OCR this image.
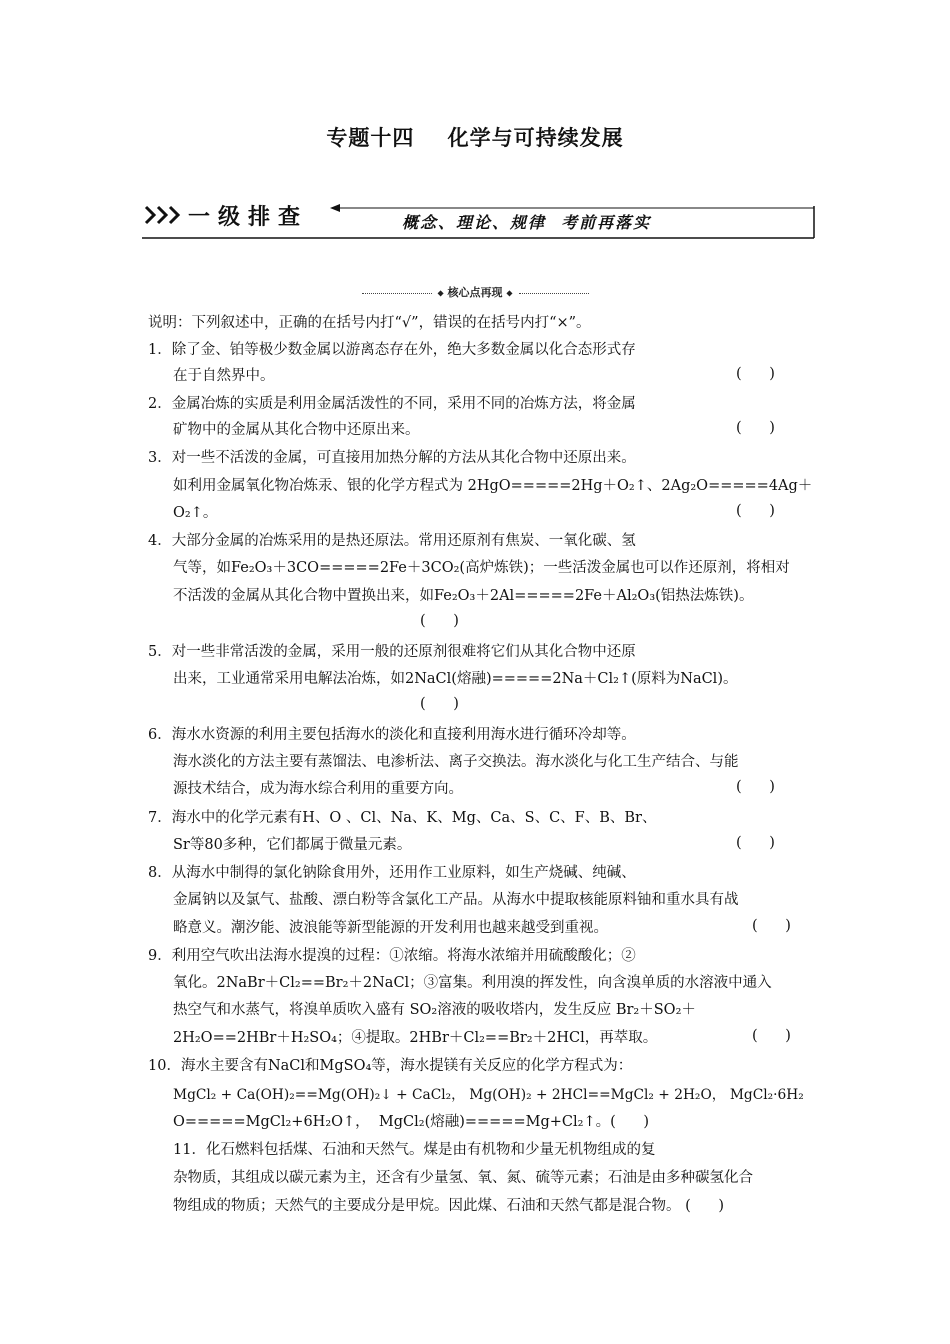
专题十四    化学与可持续发展
一级排查	概念、理论、规律  考前再落实
◆ 核心点再现 ◆
说明：下列叙述中，正确的在括号内打“√”，错误的在括号内打“×”。
1．除了金、铂等极少数金属以游离态存在外，绝大多数金属以化合态形式存
在于自然界中。	(      )
2．金属冶炼的实质是利用金属活泼性的不同，采用不同的冶炼方法，将金属
矿物中的金属从其化合物中还原出来。	(      )
3．对一些不活泼的金属，可直接用加热分解的方法从其化合物中还原出来。
如利用金属氧化物冶炼汞、银的化学方程式为 2HgO=====2Hg＋O₂↑、2Ag₂O=====4Ag＋
O₂↑。	(      )
4．大部分金属的冶炼采用的是热还原法。常用还原剂有焦炭、一氧化碳、氢
气等，如Fe₂O₃＋3CO=====2Fe＋3CO₂(高炉炼铁)；一些活泼金属也可以作还原剂，将相对
不活泼的金属从其化合物中置换出来，如Fe₂O₃＋2Al=====2Fe＋Al₂O₃(铝热法炼铁)。
(      )
5．对一些非常活泼的金属，采用一般的还原剂很难将它们从其化合物中还原
出来，工业通常采用电解法冶炼，如2NaCl(熔融)=====2Na＋Cl₂↑(原料为NaCl)。
(      )
6．海水水资源的利用主要包括海水的淡化和直接利用海水进行循环冷却等。
海水淡化的方法主要有蒸馏法、电渗析法、离子交换法。海水淡化与化工生产结合、与能
源技术结合，成为海水综合利用的重要方向。	(      )
7．海水中的化学元素有H、O 、Cl、Na、K、Mg、Ca、S、C、F、B、Br、
Sr等80多种，它们都属于微量元素。	(      )
8．从海水中制得的氯化钠除食用外，还用作工业原料，如生产烧碱、纯碱、
金属钠以及氯气、盐酸、漂白粉等含氯化工产品。从海水中提取核能原料铀和重水具有战
略意义。潮汐能、波浪能等新型能源的开发利用也越来越受到重视。	(      )
9．利用空气吹出法海水提溴的过程：①浓缩。将海水浓缩并用硫酸酸化；②
氧化。2NaBr＋Cl₂==Br₂＋2NaCl；③富集。利用溴的挥发性，向含溴单质的水溶液中通入
热空气和水蒸气，将溴单质吹入盛有 SO₂溶液的吸收塔内，发生反应 Br₂＋SO₂＋
2H₂O==2HBr＋H₂SO₄；④提取。2HBr＋Cl₂==Br₂＋2HCl，再萃取。	(      )
10．海水主要含有NaCl和MgSO₄等，海水提镁有关反应的化学方程式为：
MgCl₂ + Ca(OH)₂==Mg(OH)₂↓ + CaCl₂， Mg(OH)₂ + 2HCl==MgCl₂ + 2H₂O， MgCl₂·6H₂
O=====MgCl₂+6H₂O↑，  MgCl₂(熔融)=====Mg+Cl₂↑。(      )
11．化石燃料包括煤、石油和天然气。煤是由有机物和少量无机物组成的复
杂物质，其组成以碳元素为主，还含有少量氢、氧、氮、硫等元素；石油是由多种碳氢化合
物组成的物质；天然气的主要成分是甲烷。因此煤、石油和天然气都是混合物。 (      )
